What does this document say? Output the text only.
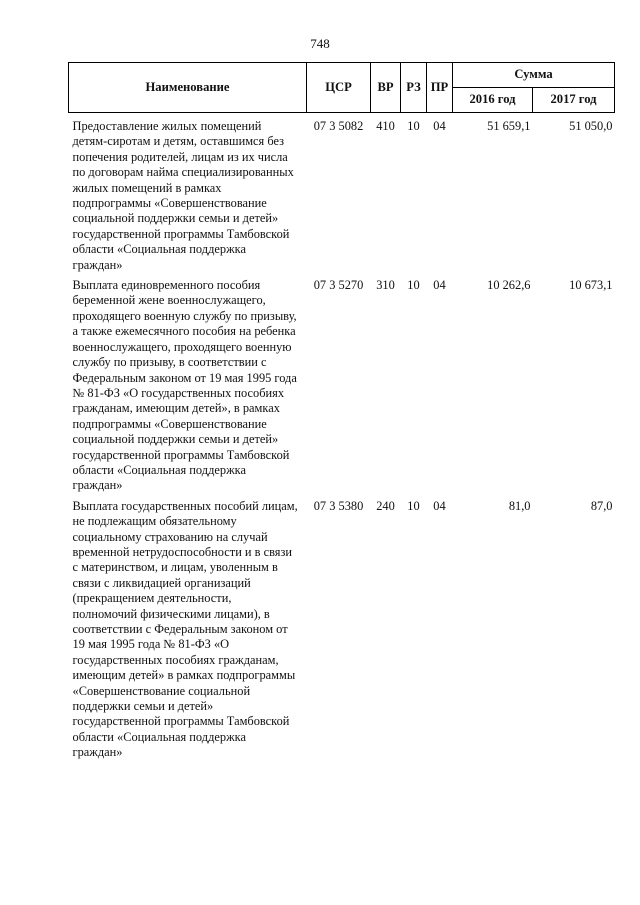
748
Наименование	ЦСР	ВР	РЗ	ПР	Сумма	
					2016 год	2017 год
Предоставление жилых помещений детям-сиротам и детям, оставшимся без попечения родителей, лицам из их числа по договорам найма специализированных жилых помещений в рамках подпрограммы «Совершенствование социальной поддержки семьи и детей» государственной программы Тамбовской области «Социальная поддержка граждан»	07 3 5082	410	10	04	51 659,1	51 050,0
Выплата единовременного пособия беременной жене военнослужащего, проходящего военную службу по призыву, а также ежемесячного пособия на ребенка военнослужащего, проходящего военную службу по призыву, в соответствии с Федеральным законом от 19 мая 1995 года № 81-ФЗ «О государственных пособиях гражданам, имеющим детей», в рамках подпрограммы «Совершенствование социальной поддержки семьи и детей» государственной программы Тамбовской области «Социальная поддержка граждан»	07 3 5270	310	10	04	10 262,6	10 673,1
Выплата государственных пособий лицам, не подлежащим обязательному социальному страхованию на случай временной нетрудоспособности и в связи с материнством, и лицам, уволенным в связи с ликвидацией организаций (прекращением деятельности, полномочий физическими лицами), в соответствии с Федеральным законом от 19 мая 1995 года № 81-ФЗ «О государственных пособиях гражданам, имеющим детей» в рамках подпрограммы «Совершенствование социальной поддержки семьи и детей» государственной программы Тамбовской области «Социальная поддержка граждан»	07 3 5380	240	10	04	81,0	87,0
